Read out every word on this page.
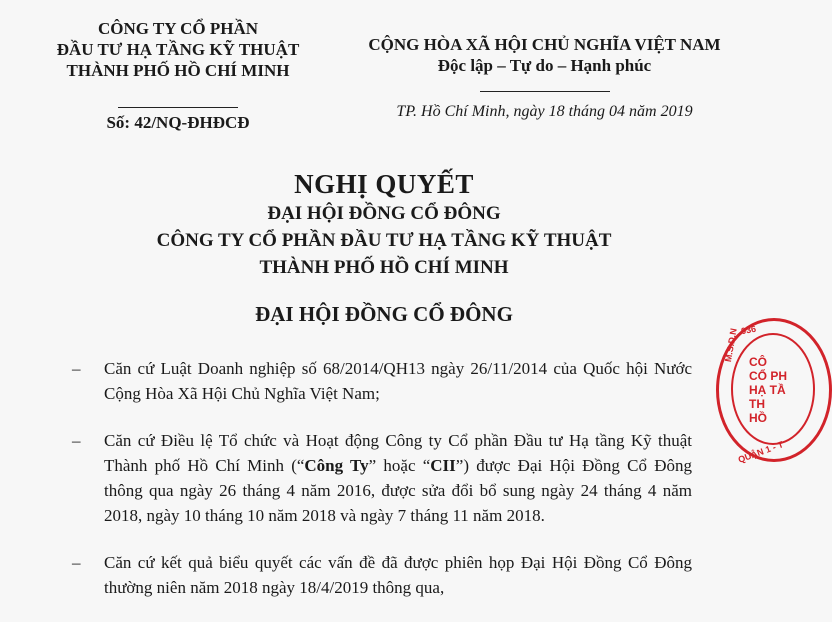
CÔNG TY CỔ PHẦN
ĐẦU TƯ HẠ TẦNG KỸ THUẬT
THÀNH PHỐ HỒ CHÍ MINH
Số: 42/NQ-ĐHĐCĐ
CỘNG HÒA XÃ HỘI CHỦ NGHĨA VIỆT NAM
Độc lập – Tự do – Hạnh phúc
TP. Hồ Chí Minh, ngày 18 tháng 04 năm 2019
NGHỊ QUYẾT
ĐẠI HỘI ĐỒNG CỔ ĐÔNG
CÔNG TY CỔ PHẦN ĐẦU TƯ HẠ TẦNG KỸ THUẬT
THÀNH PHỐ HỒ CHÍ MINH
ĐẠI HỘI ĐỒNG CỔ ĐÔNG
– Căn cứ Luật Doanh nghiệp số 68/2014/QH13 ngày 26/11/2014 của Quốc hội Nước Cộng Hòa Xã Hội Chủ Nghĩa Việt Nam;
– Căn cứ Điều lệ Tổ chức và Hoạt động Công ty Cổ phần Đầu tư Hạ tầng Kỹ thuật Thành phố Hồ Chí Minh (“Công Ty” hoặc “CII”) được Đại Hội Đồng Cổ Đông thông qua ngày 26 tháng 4 năm 2016, được sửa đổi bổ sung ngày 24 tháng 4 năm 2018, ngày 10 tháng 10 năm 2018 và ngày 7 tháng 11 năm 2018.
– Căn cứ kết quả biểu quyết các vấn đề đã được phiên họp Đại Hội Đồng Cổ Đông thường niên năm 2018 ngày 18/4/2019 thông qua,
036
M.S.D.N CÔ
CỔ PH
HẠ TẦ
TH
HỒ
QUẬN 1 - T
